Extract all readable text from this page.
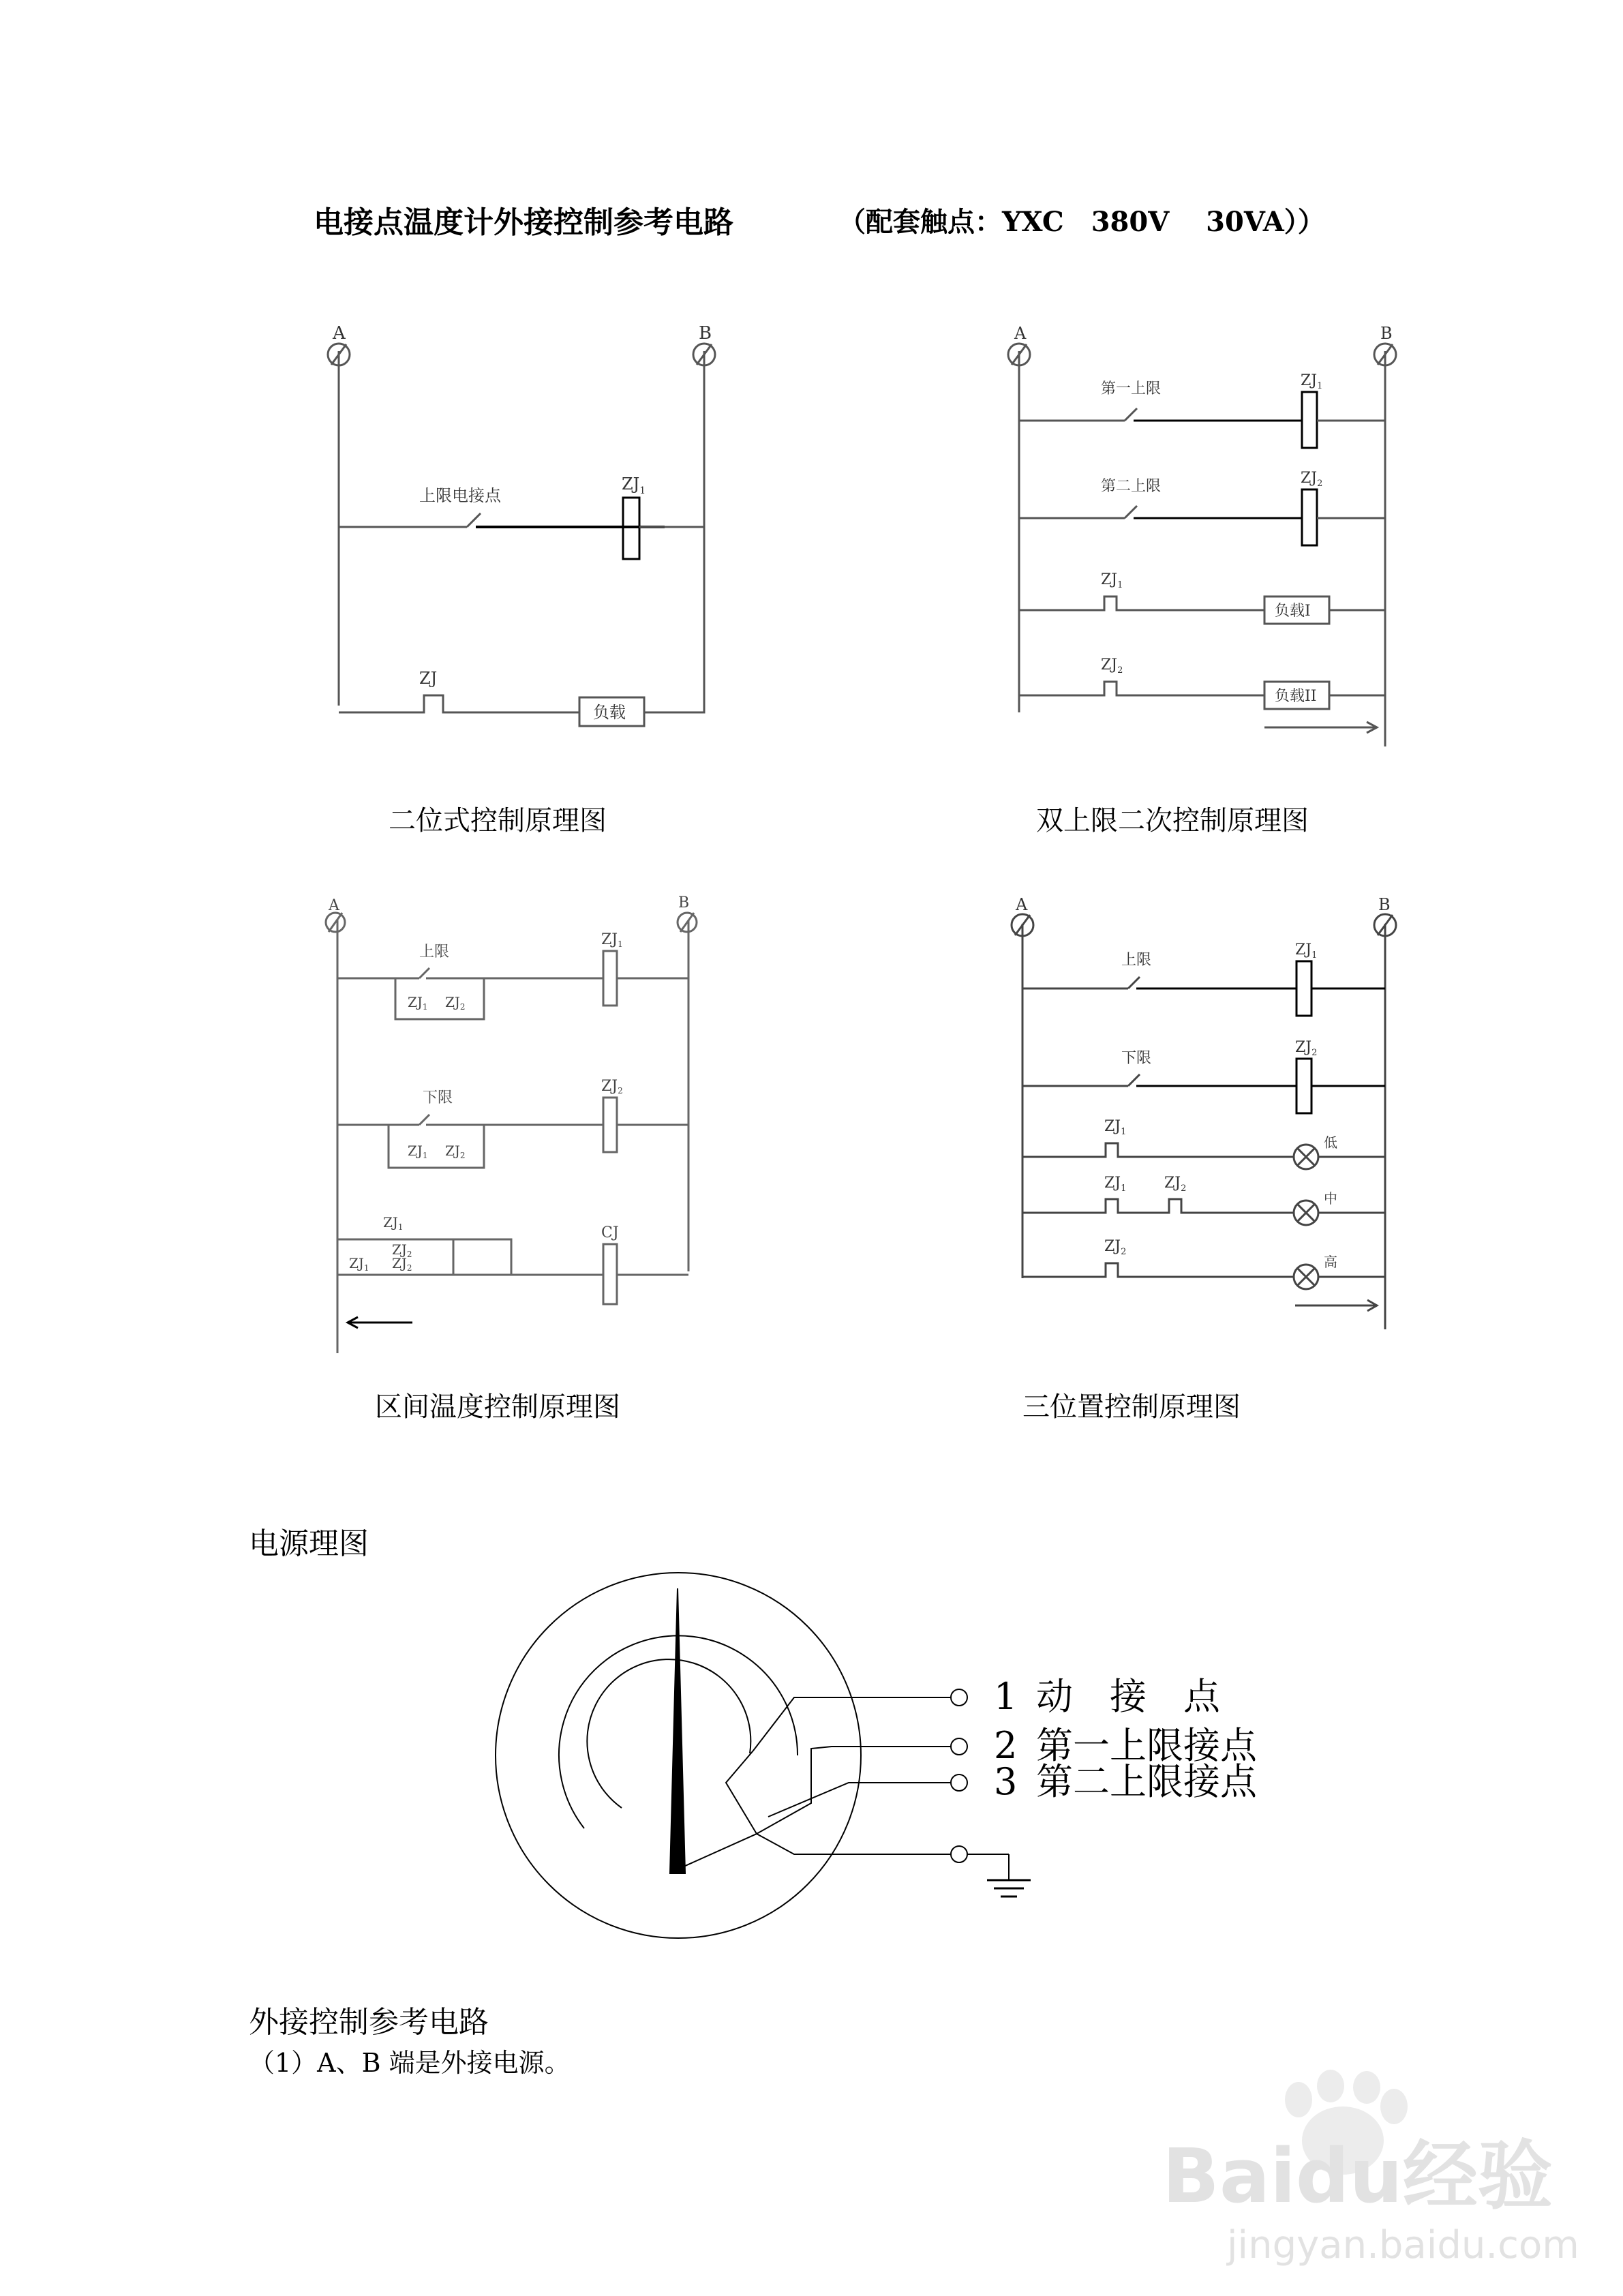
电接点温度计外接控制参考电路	（配套触点：YXC　380V　 30VA））
A	B
上限电接点
$ZJ_1$
ZJ
负载
二位式控制原理图
A	B
第一上限	$ZJ_1$
第二上限	$ZJ_2$
$ZJ_1$
负载I
$ZJ_2$
负载II
双上限二次控制原理图
A	B
上限
$ZJ_1$ $ZJ_2$
ZJ1
下限
$ZJ_1$ $ZJ_2$
ZJ2
$ZJ_1$
$ZJ_2$
$ZJ_1$ $ZJ_2$
CJ
区间温度控制原理图
A	B
上限
$ZJ_1$
下限
$ZJ_2$
$ZJ_1$
低
$ZJ_1$	$ZJ_2$
中
$ZJ_2$
高
三位置控制原理图
电源理图
1 动　接　点
2 第一上限接点
3 第二上限接点
外接控制参考电路
（1）A、B 端是外接电源。
Baidu经验
jingyan.baidu.com
